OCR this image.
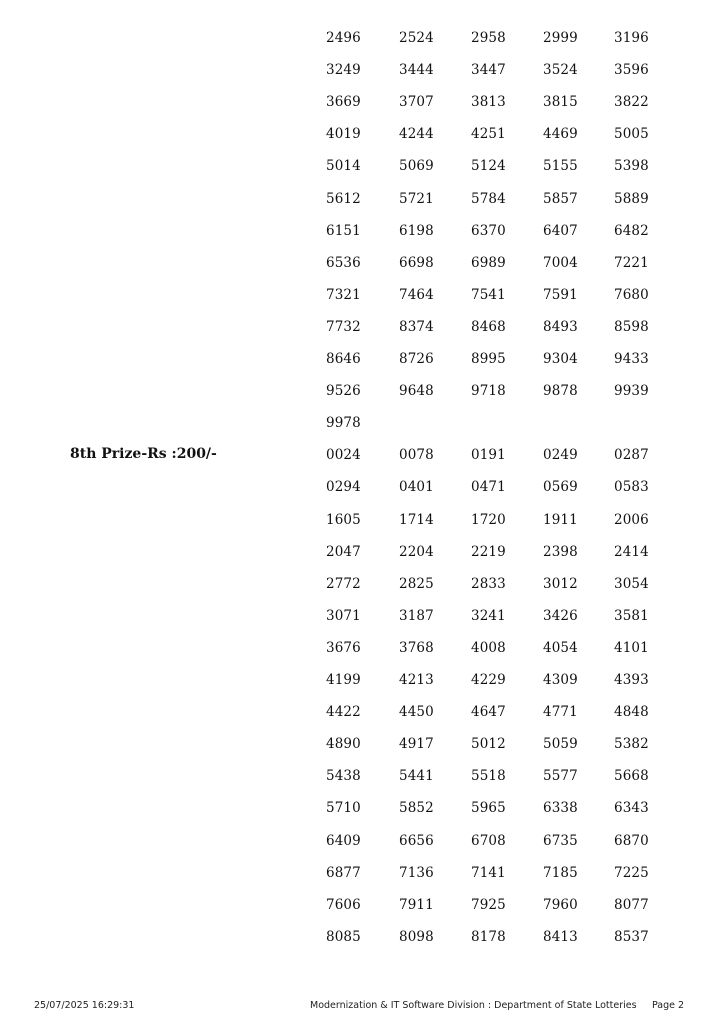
2496	2524	2958	2999	3196
3249	3444	3447	3524	3596
3669	3707	3813	3815	3822
4019	4244	4251	4469	5005
5014	5069	5124	5155	5398
5612	5721	5784	5857	5889
6151	6198	6370	6407	6482
6536	6698	6989	7004	7221
7321	7464	7541	7591	7680
7732	8374	8468	8493	8598
8646	8726	8995	9304	9433
9526	9648	9718	9878	9939
9978
8th Prize-Rs :200/-	0024	0078	0191	0249	0287
0294	0401	0471	0569	0583
1605	1714	1720	1911	2006
2047	2204	2219	2398	2414
2772	2825	2833	3012	3054
3071	3187	3241	3426	3581
3676	3768	4008	4054	4101
4199	4213	4229	4309	4393
4422	4450	4647	4771	4848
4890	4917	5012	5059	5382
5438	5441	5518	5577	5668
5710	5852	5965	6338	6343
6409	6656	6708	6735	6870
6877	7136	7141	7185	7225
7606	7911	7925	7960	8077
8085	8098	8178	8413	8537
25/07/2025 16:29:31	Modernization & IT Software Division : Department of State Lotteries Page 2
